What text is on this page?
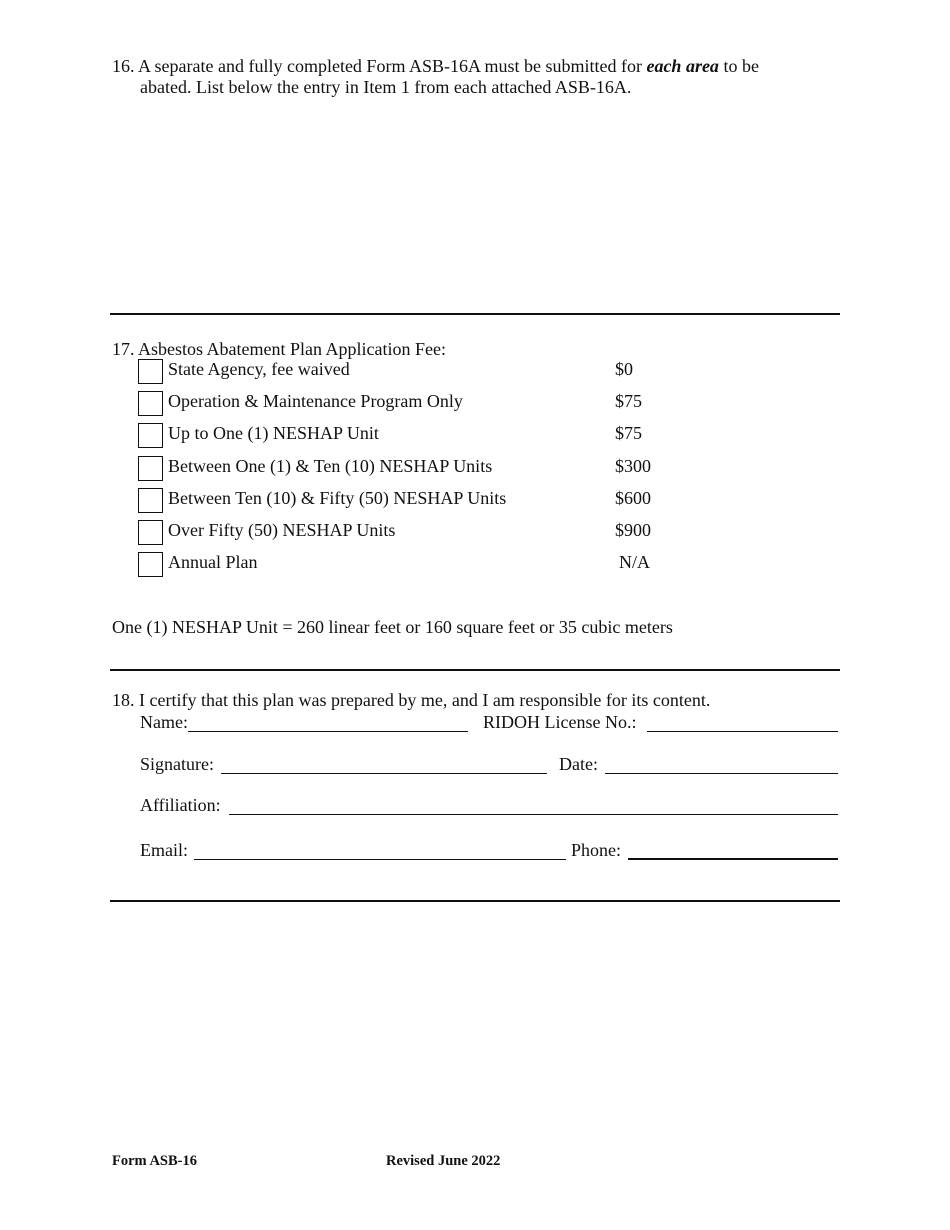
16. A separate and fully completed Form ASB-16A must be submitted for each area to be
abated. List below the entry in Item 1 from each attached ASB-16A.
17. Asbestos Abatement Plan Application Fee:
State Agency, fee waived	$0
Operation & Maintenance Program Only	$75
Up to One (1) NESHAP Unit	$75
Between One (1) & Ten (10) NESHAP Units	$300
Between Ten (10) & Fifty (50) NESHAP Units	$600
Over Fifty (50) NESHAP Units	$900
Annual Plan	N/A
One (1) NESHAP Unit = 260 linear feet or 160 square feet or 35 cubic meters
18. I certify that this plan was prepared by me, and I am responsible for its content.
Name:	RIDOH License No.:
Signature:	Date:
Affiliation:
Email:	Phone:
Form ASB-16	Revised June 2022
